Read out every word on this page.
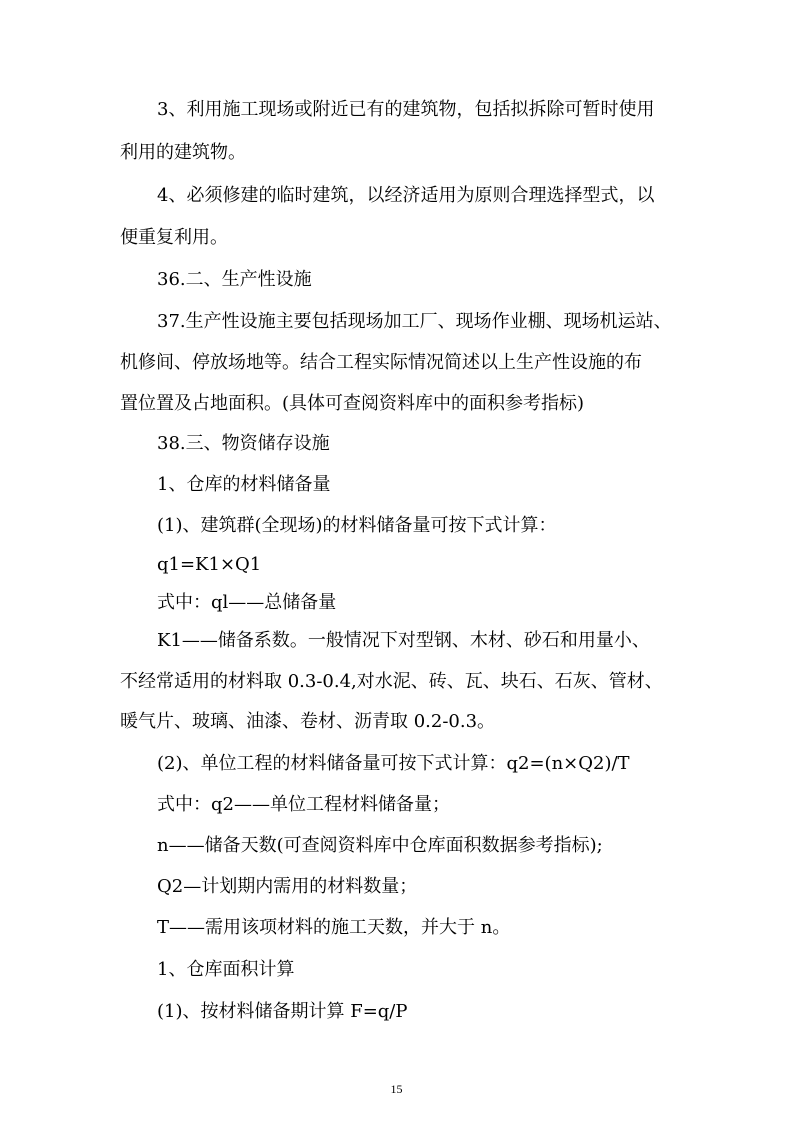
3、利用施工现场或附近已有的建筑物，包括拟拆除可暂时使用
利用的建筑物。
4、必须修建的临时建筑，以经济适用为原则合理选择型式，以
便重复利用。
36.二、生产性设施
37.生产性设施主要包括现场加工厂、现场作业棚、现场机运站、
机修间、停放场地等。结合工程实际情况简述以上生产性设施的布
置位置及占地面积。(具体可查阅资料库中的面积参考指标)
38.三、物资储存设施
1、仓库的材料储备量
(1)、建筑群(全现场)的材料储备量可按下式计算：
q1=K1×Q1
式中：ql——总储备量
K1——储备系数。一般情况下对型钢、木材、砂石和用量小、
不经常适用的材料取 0.3-0.4,对水泥、砖、瓦、块石、石灰、管材、
暖气片、玻璃、油漆、卷材、沥青取 0.2-0.3。
(2)、单位工程的材料储备量可按下式计算：q2=(n×Q2)/T
式中：q2——单位工程材料储备量；
n——储备天数(可查阅资料库中仓库面积数据参考指标);
Q2—计划期内需用的材料数量；
T——需用该项材料的施工天数，并大于 n。
1、仓库面积计算
(1)、按材料储备期计算 F=q/P
15
